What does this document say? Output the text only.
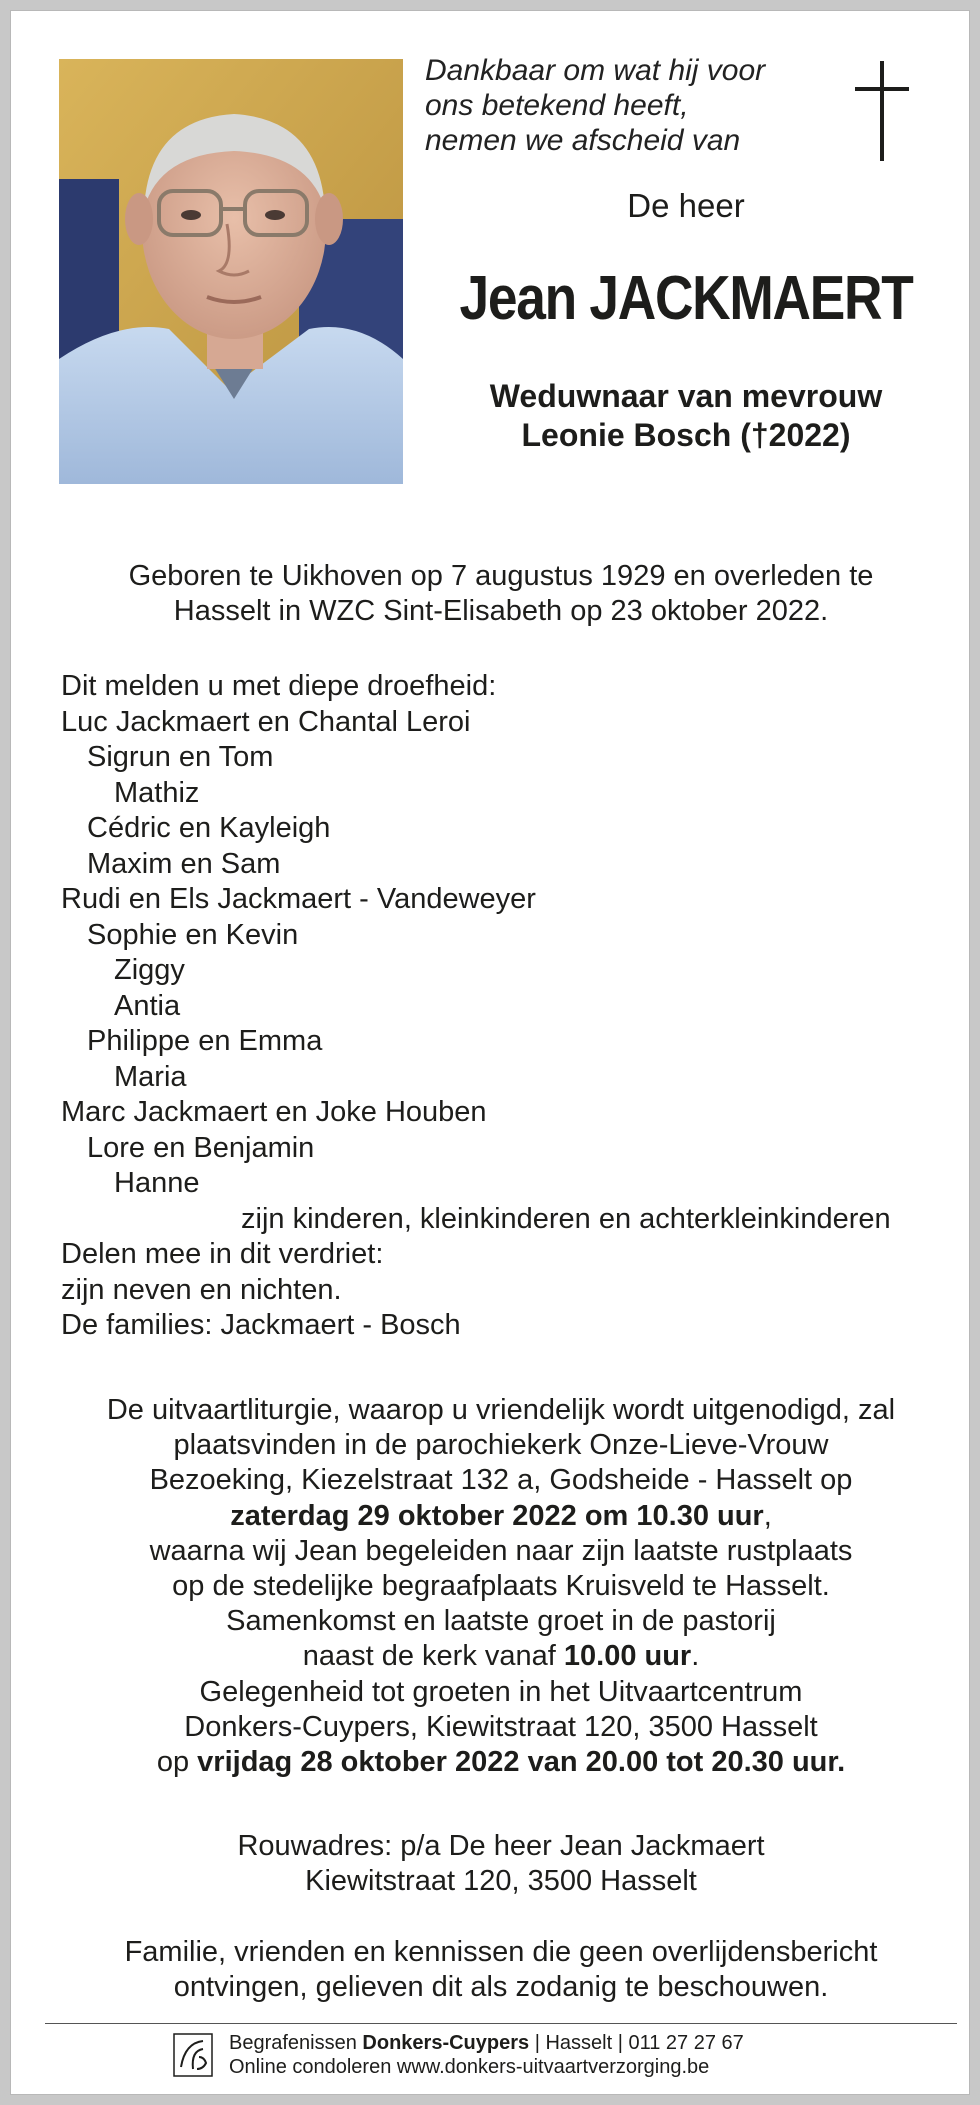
Dankbaar om wat hij voor
ons betekend heeft,
nemen we afscheid van
De heer
Jean JACKMAERT
Weduwnaar van mevrouw
Leonie Bosch (†2022)
Geboren te Uikhoven op 7 augustus 1929 en overleden te
Hasselt in WZC Sint-Elisabeth op 23 oktober 2022.
Dit melden u met diepe droefheid:
Luc Jackmaert en Chantal Leroi
Sigrun en Tom
Mathiz
Cédric en Kayleigh
Maxim en Sam
Rudi en Els Jackmaert - Vandeweyer
Sophie en Kevin
Ziggy
Antia
Philippe en Emma
Maria
Marc Jackmaert en Joke Houben
Lore en Benjamin
Hanne
zijn kinderen, kleinkinderen en achterkleinkinderen
Delen mee in dit verdriet:
zijn neven en nichten.
De families: Jackmaert - Bosch
De uitvaartliturgie, waarop u vriendelijk wordt uitgenodigd, zal
plaatsvinden in de parochiekerk Onze-Lieve-Vrouw
Bezoeking, Kiezelstraat 132 a, Godsheide - Hasselt op
zaterdag 29 oktober 2022 om 10.30 uur,
waarna wij Jean begeleiden naar zijn laatste rustplaats
op de stedelijke begraafplaats Kruisveld te Hasselt.
Samenkomst en laatste groet in de pastorij
naast de kerk vanaf 10.00 uur.
Gelegenheid tot groeten in het Uitvaartcentrum
Donkers-Cuypers, Kiewitstraat 120, 3500 Hasselt
op vrijdag 28 oktober 2022 van 20.00 tot 20.30 uur.
Rouwadres: p/a De heer Jean Jackmaert
Kiewitstraat 120, 3500 Hasselt
Familie, vrienden en kennissen die geen overlijdensbericht
ontvingen, gelieven dit als zodanig te beschouwen.
Begrafenissen Donkers-Cuypers | Hasselt | 011 27 27 67
Online condoleren www.donkers-uitvaartverzorging.be
